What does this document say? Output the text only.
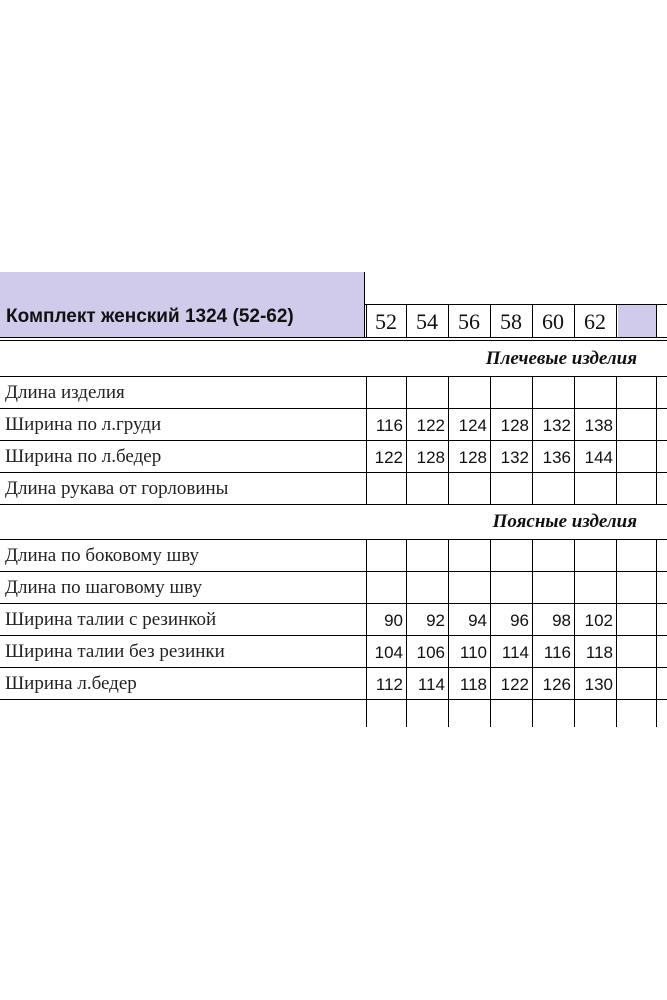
Комплект женский 1324 (52-62)	52 54 56 58 60 62
Плечевые изделия
Длина изделия
Ширина по л.груди	116 122 124 128 132 138
Ширина по л.бедер	122 128 128 132 136 144
Длина рукава от горловины
Поясные изделия
Длина по боковому шву
Длина по шаговому шву
Ширина талии с резинкой	90	92	94	96	98 102
Ширина талии без резинки	104 106 110 114 116 118
Ширина л.бедер	112 114 118 122 126 130
